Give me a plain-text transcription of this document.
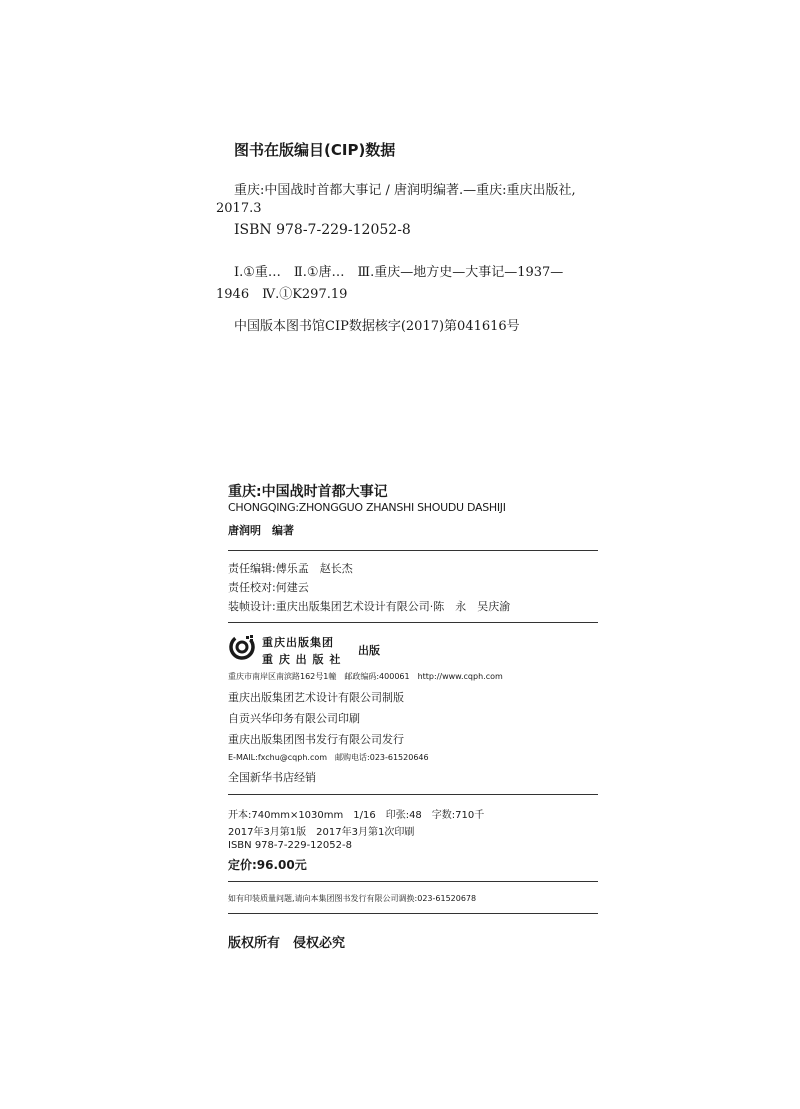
图书在版编目(CIP)数据
重庆:中国战时首都大事记 / 唐润明编著.—重庆:重庆出版社,
2017.3
ISBN 978-7-229-12052-8
Ⅰ.①重…　Ⅱ.①唐…　Ⅲ.重庆—地方史—大事记—1937—
1946　Ⅳ.①K297.19
中国版本图书馆CIP数据核字(2017)第041616号
重庆:中国战时首都大事记
CHONGQING:ZHONGGUO ZHANSHI SHOUDU DASHIJI
唐润明　编著
责任编辑:傅乐孟　赵长杰
责任校对:何建云
装帧设计:重庆出版集团艺术设计有限公司·陈　永　吴庆渝
重庆出版集团
重 庆 出 版 社
出版
重庆市南岸区南滨路162号1幢　邮政编码:400061　http://www.cqph.com
重庆出版集团艺术设计有限公司制版
自贡兴华印务有限公司印刷
重庆出版集团图书发行有限公司发行
E-MAIL:fxchu@cqph.com　邮购电话:023-61520646
全国新华书店经销
开本:740mm×1030mm　1/16　印张:48　字数:710千
2017年3月第1版　2017年3月第1次印刷
ISBN 978-7-229-12052-8
定价:96.00元
如有印装质量问题,请向本集团图书发行有限公司调换:023-61520678
版权所有　侵权必究
